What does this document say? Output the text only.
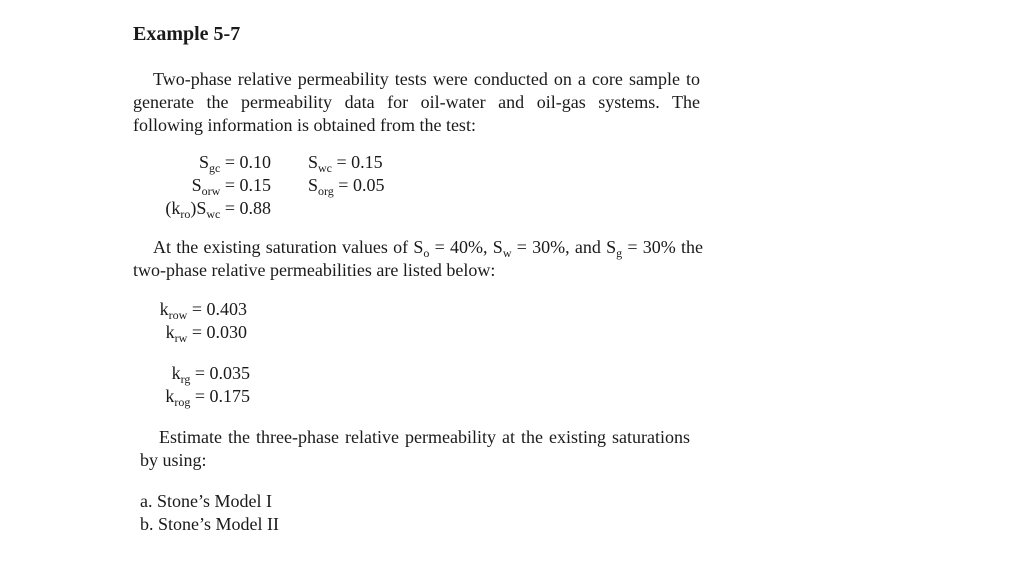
Example 5-7

Two-phase relative permeability tests were conducted on a core sample to generate the permeability data for oil-water and oil-gas systems. The following information is obtained from the test:

$S_{gc} = 0.10$
$S_{orw} = 0.15$
$(k_{ro})S_{wc} = 0.88$
$S_{wc} = 0.15$
$S_{org} = 0.05$

At the existing saturation values of $S_o = 40\%$, $S_w = 30\%$, and $S_g = 30\%$ the two-phase relative permeabilities are listed below:

$k_{row} = 0.403$
$k_{rw} = 0.030$
$k_{rg} = 0.035$
$k_{rog} = 0.175$

Estimate the three-phase relative permeability at the existing saturations by using:

a. Stone’s Model I
b. Stone’s Model II
